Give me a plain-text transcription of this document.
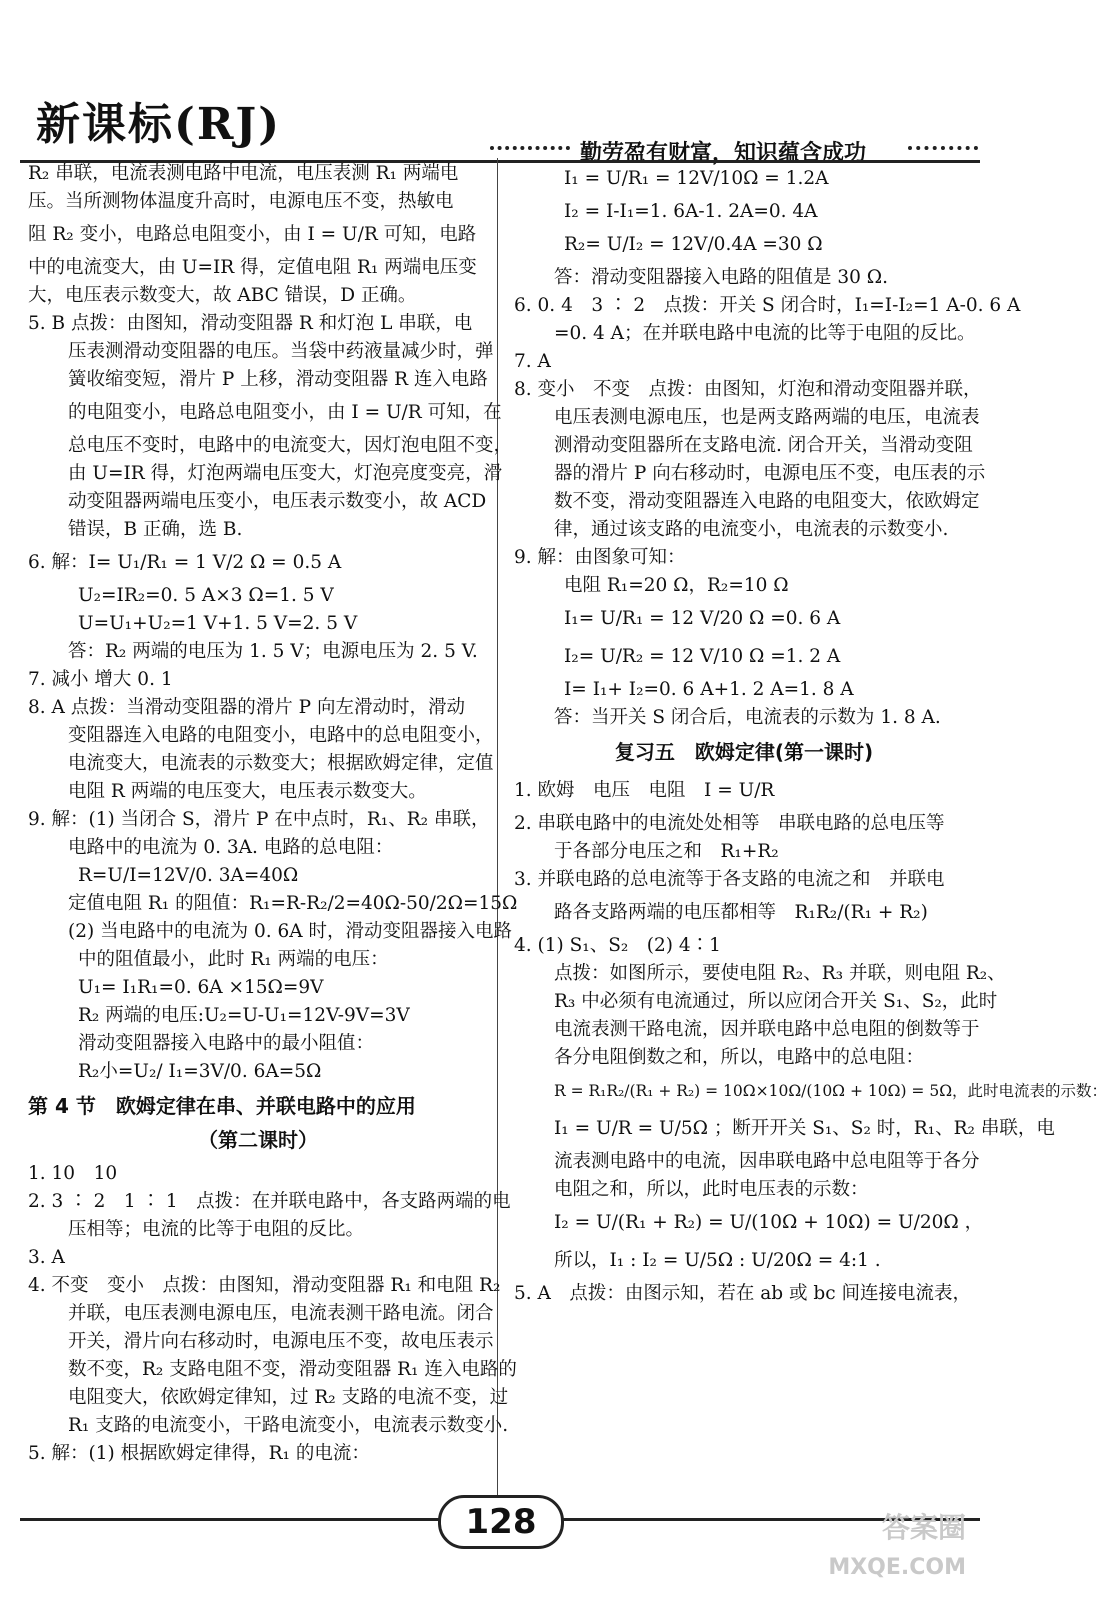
新课标(RJ)
勤劳盈有财富，知识蕴含成功
R₂ 串联，电流表测电路中电流，电压表测 R₁ 两端电
压。当所测物体温度升高时，电源电压不变，热敏电
阻 R₂ 变小，电路总电阻变小，由 I = U/R 可知，电路
中的电流变大，由 U=IR 得，定值电阻 R₁ 两端电压变
大，电压表示数变大，故 ABC 错误，D 正确。
5. B 点拨：由图知，滑动变阻器 R 和灯泡 L 串联，电
压表测滑动变阻器的电压。当袋中药液量减少时，弹
簧收缩变短，滑片 P 上移，滑动变阻器 R 连入电路
的电阻变小，电路总电阻变小，由 I = U/R 可知，在
总电压不变时，电路中的电流变大，因灯泡电阻不变，
由 U=IR 得，灯泡两端电压变大，灯泡亮度变亮，滑
动变阻器两端电压变小，电压表示数变小，故 ACD
错误，B 正确，选 B.
6. 解：I= U₁/R₁ = 1 V/2 Ω = 0.5 A
U₂=IR₂=0. 5 A×3 Ω=1. 5 V
U=U₁+U₂=1 V+1. 5 V=2. 5 V
答：R₂ 两端的电压为 1. 5 V；电源电压为 2. 5 V.
7. 减小 增大 0. 1
8. A 点拨：当滑动变阻器的滑片 P 向左滑动时，滑动
变阻器连入电路的电阻变小，电路中的总电阻变小，
电流变大，电流表的示数变大；根据欧姆定律，定值
电阻 R 两端的电压变大，电压表示数变大。
9. 解：(1) 当闭合 S，滑片 P 在中点时，R₁、R₂ 串联，
电路中的电流为 0. 3A. 电路的总电阻：
R=U/I=12V/0. 3A=40Ω
定值电阻 R₁ 的阻值：R₁=R-R₂/2=40Ω-50/2Ω=15Ω
(2) 当电路中的电流为 0. 6A 时，滑动变阻器接入电路
中的阻值最小，此时 R₁ 两端的电压：
U₁= I₁R₁=0. 6A ×15Ω=9V
R₂ 两端的电压:U₂=U-U₁=12V-9V=3V
滑动变阻器接入电路中的最小阻值：
R₂小=U₂/ I₁=3V/0. 6A=5Ω
第 4 节　欧姆定律在串、并联电路中的应用
（第二课时）
1. 10　10
2. 3 ∶ 2　1 ∶ 1　点拨：在并联电路中，各支路两端的电
压相等；电流的比等于电阻的反比。
3. A
4. 不变　变小　点拨：由图知，滑动变阻器 R₁ 和电阻 R₂
并联，电压表测电源电压，电流表测干路电流。闭合
开关，滑片向右移动时，电源电压不变，故电压表示
数不变，R₂ 支路电阻不变，滑动变阻器 R₁ 连入电路的
电阻变大，依欧姆定律知，过 R₂ 支路的电流不变，过
R₁ 支路的电流变小，干路电流变小，电流表示数变小.
5. 解：(1) 根据欧姆定律得，R₁ 的电流：
I₁ = U/R₁ = 12V/10Ω = 1.2A
I₂ = I-I₁=1. 6A-1. 2A=0. 4A
R₂= U/I₂ = 12V/0.4A =30 Ω
答：滑动变阻器接入电路的阻值是 30 Ω.
6. 0. 4　3 ∶ 2　点拨：开关 S 闭合时，I₁=I-I₂=1 A-0. 6 A
=0. 4 A；在并联电路中电流的比等于电阻的反比。
7. A
8. 变小　不变　点拨：由图知，灯泡和滑动变阻器并联，
电压表测电源电压，也是两支路两端的电压，电流表
测滑动变阻器所在支路电流. 闭合开关，当滑动变阻
器的滑片 P 向右移动时，电源电压不变，电压表的示
数不变，滑动变阻器连入电路的电阻变大，依欧姆定
律，通过该支路的电流变小，电流表的示数变小.
9. 解：由图象可知：
电阻 R₁=20 Ω，R₂=10 Ω
I₁= U/R₁ = 12 V/20 Ω =0. 6 A
I₂= U/R₂ = 12 V/10 Ω =1. 2 A
I= I₁+ I₂=0. 6 A+1. 2 A=1. 8 A
答：当开关 S 闭合后，电流表的示数为 1. 8 A.
复习五　欧姆定律(第一课时)
1. 欧姆　电压　电阻　I = U/R
2. 串联电路中的电流处处相等　串联电路的总电压等
于各部分电压之和　R₁+R₂
3. 并联电路的总电流等于各支路的电流之和　并联电
路各支路两端的电压都相等　R₁R₂/(R₁ + R₂)
4. (1) S₁、S₂　(2) 4∶1
点拨：如图所示，要使电阻 R₂、R₃ 并联，则电阻 R₂、
R₃ 中必须有电流通过，所以应闭合开关 S₁、S₂，此时
电流表测干路电流，因并联电路中总电阻的倒数等于
各分电阻倒数之和，所以，电路中的总电阻：
R = R₁R₂/(R₁ + R₂) = 10Ω×10Ω/(10Ω + 10Ω) = 5Ω，此时电流表的示数：
I₁ = U/R = U/5Ω ；断开开关 S₁、S₂ 时，R₁、R₂ 串联，电
流表测电路中的电流，因串联电路中总电阻等于各分
电阻之和，所以，此时电压表的示数：
I₂ = U/(R₁ + R₂) = U/(10Ω + 10Ω) = U/20Ω ，
所以，I₁ : I₂ = U/5Ω : U/20Ω = 4:1 .
5. A　点拨：由图示知，若在 ab 或 bc 间连接电流表，
128	答案圈
MXQE.COM
